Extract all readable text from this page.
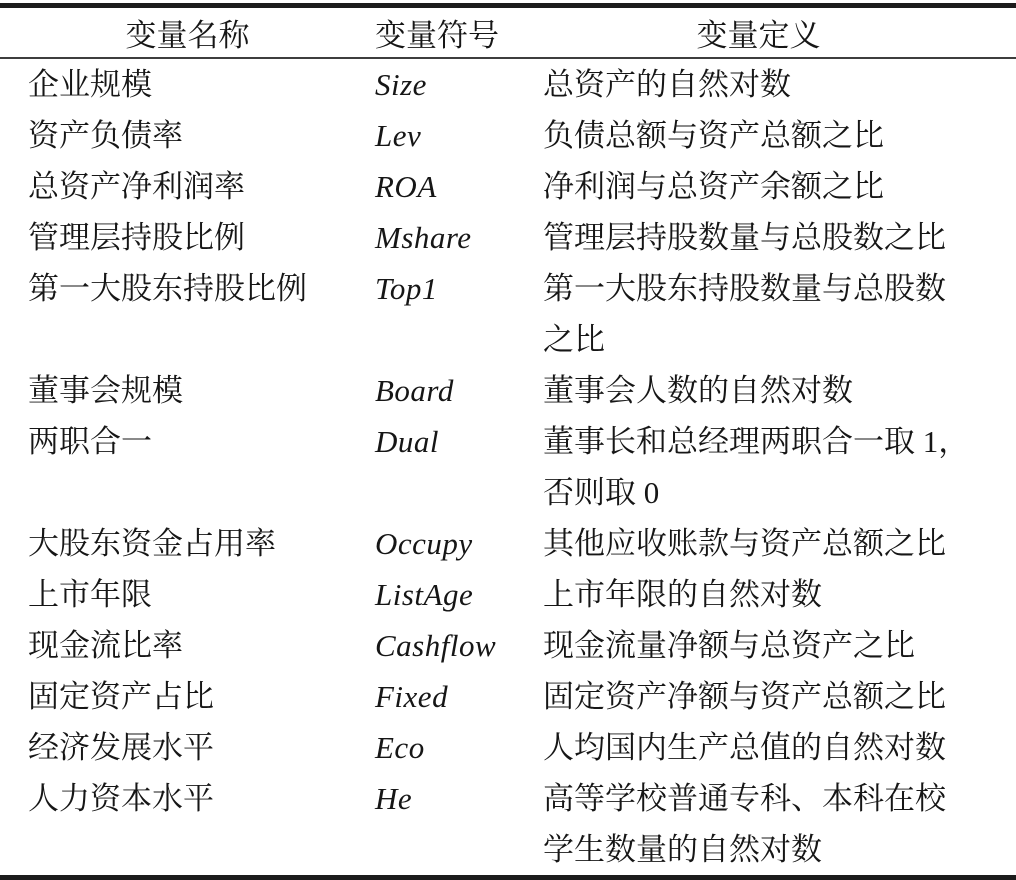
变量名称	变量符号	变量定义
企业规模	Size	总资产的自然对数
资产负债率	Lev	负债总额与资产总额之比
总资产净利润率	ROA	净利润与总资产余额之比
管理层持股比例	Mshare	管理层持股数量与总股数之比
第一大股东持股比例	Top1	第一大股东持股数量与总股数之比
董事会规模	Board	董事会人数的自然对数
两职合一	Dual	董事长和总经理两职合一取 1，否则取 0
大股东资金占用率	Occupy	其他应收账款与资产总额之比
上市年限	ListAge	上市年限的自然对数
现金流比率	Cashflow	现金流量净额与总资产之比
固定资产占比	Fixed	固定资产净额与资产总额之比
经济发展水平	Eco	人均国内生产总值的自然对数
人力资本水平	He	高等学校普通专科、本科在校学生数量的自然对数
